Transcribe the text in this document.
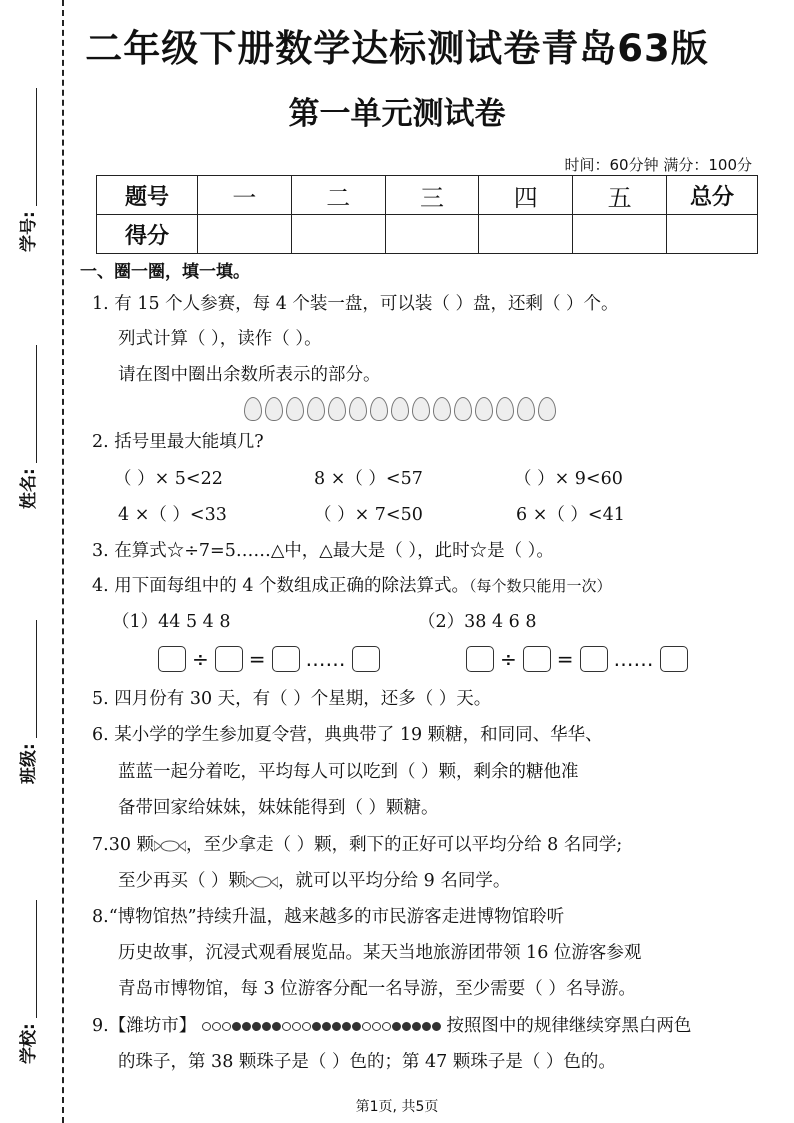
学号:
姓名:
班级:
学校:
二年级下册数学达标测试卷青岛63版
第一单元测试卷
时间：60分钟 满分：100分
题号	一	二	三	四	五	总分
得分						
一、圈一圈，填一填。
1. 有 15 个人参赛，每 4 个装一盘，可以装（ ）盘，还剩（ ）个。
列式计算（ ），读作（ ）。
请在图中圈出余数所表示的部分。
2. 括号里最大能填几?
（ ）× 5<22	8 ×（ ）<57	（ ）× 9<60
4 ×（ ）<33	（ ）× 7<50	6 ×（ ）<41
3. 在算式☆÷7=5……△中，△最大是（ ），此时☆是（ ）。
4. 用下面每组中的 4 个数组成正确的除法算式。（每个数只能用一次）
（1）44 5 4 8	（2）38 4 6 8
÷ = ……	÷ = ……
5. 四月份有 30 天，有（ ）个星期，还多（ ）天。
6. 某小学的学生参加夏令营，典典带了 19 颗糖，和同同、华华、
蓝蓝一起分着吃，平均每人可以吃到（ ）颗，剩余的糖他准
备带回家给妹妹，妹妹能得到（ ）颗糖。
7.30 颗 ，至少拿走（ ）颗，剩下的正好可以平均分给 8 名同学;
至少再买（ ）颗 ，就可以平均分给 9 名同学。
8.“博物馆热”持续升温，越来越多的市民游客走进博物馆聆听
历史故事，沉浸式观看展览品。某天当地旅游团带领 16 位游客参观
青岛市博物馆，每 3 位游客分配一名导游，至少需要（ ）名导游。
9.【潍坊市】	按照图中的规律继续穿黑白两色
的珠子，第 38 颗珠子是（ ）色的；第 47 颗珠子是（ ）色的。
第1页, 共5页
